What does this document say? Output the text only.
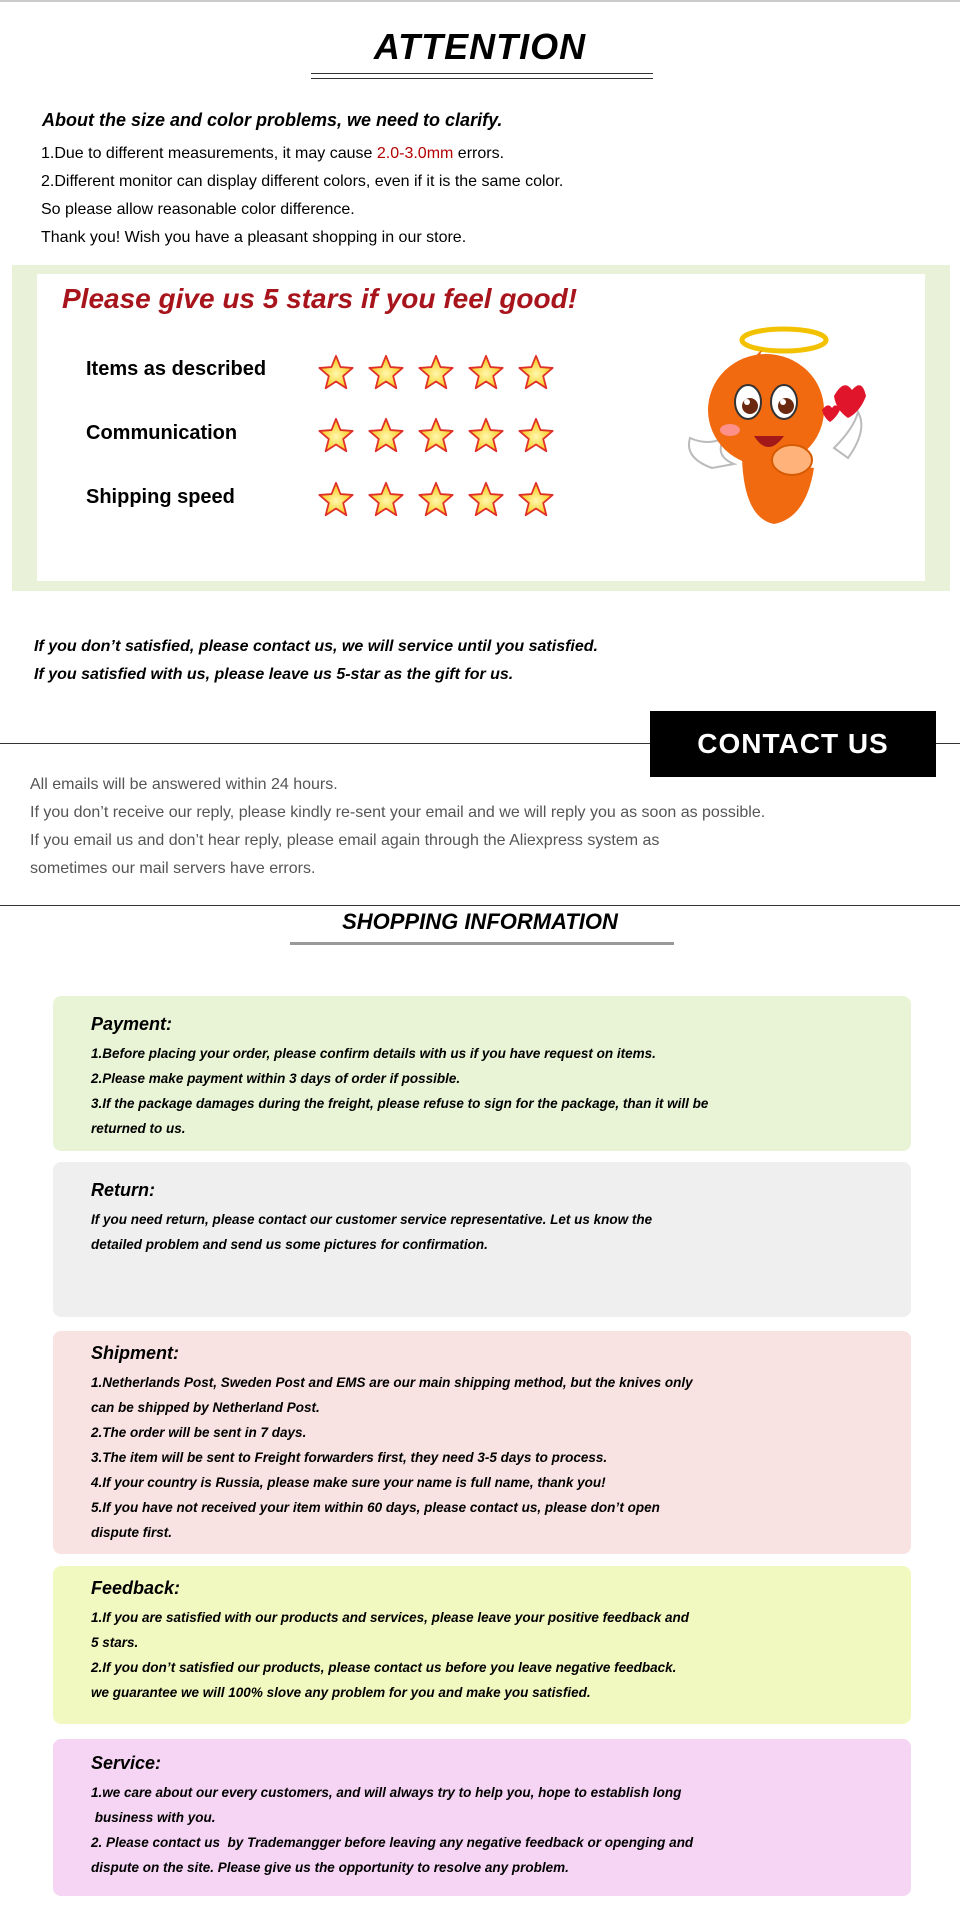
ATTENTION
About the size and color problems, we need to clarify.
1.Due to different measurements, it may cause 2.0-3.0mm errors.
2.Different monitor can display different colors, even if it is the same color.
So please allow reasonable color difference.
Thank you! Wish you have a pleasant shopping in our store.
Please give us 5 stars if you feel good!
Items as described
Communication
Shipping speed
If you don’t satisfied, please contact us, we will service until you satisfied.
If you satisfied with us, please leave us 5-star as the gift for us.
CONTACT US
All emails will be answered within 24 hours.
If you don’t receive our reply, please kindly re-sent your email and we will reply you as soon as possible.
If you email us and don’t hear reply, please email again through the Aliexpress system as
sometimes our mail servers have errors.
SHOPPING INFORMATION
Payment:
1.Before placing your order, please confirm details with us if you have request on items.
2.Please make payment within 3 days of order if possible.
3.If the package damages during the freight, please refuse to sign for the package, than it will be
returned to us.
Return:
If you need return, please contact our customer service representative. Let us know the
detailed problem and send us some pictures for confirmation.
Shipment:
1.Netherlands Post, Sweden Post and EMS are our main shipping method, but the knives only
can be shipped by Netherland Post.
2.The order will be sent in 7 days.
3.The item will be sent to Freight forwarders first, they need 3-5 days to process.
4.If your country is Russia, please make sure your name is full name, thank you!
5.If you have not received your item within 60 days, please contact us, please don’t open
dispute first.
Feedback:
1.If you are satisfied with our products and services, please leave your positive feedback and
5 stars.
2.If you don’t satisfied our products, please contact us before you leave negative feedback.
we guarantee we will 100% slove any problem for you and make you satisfied.
Service:
1.we care about our every customers, and will always try to help you, hope to establish long
business with you.
2. Please contact us  by Trademangger before leaving any negative feedback or openging and
dispute on the site. Please give us the opportunity to resolve any problem.
